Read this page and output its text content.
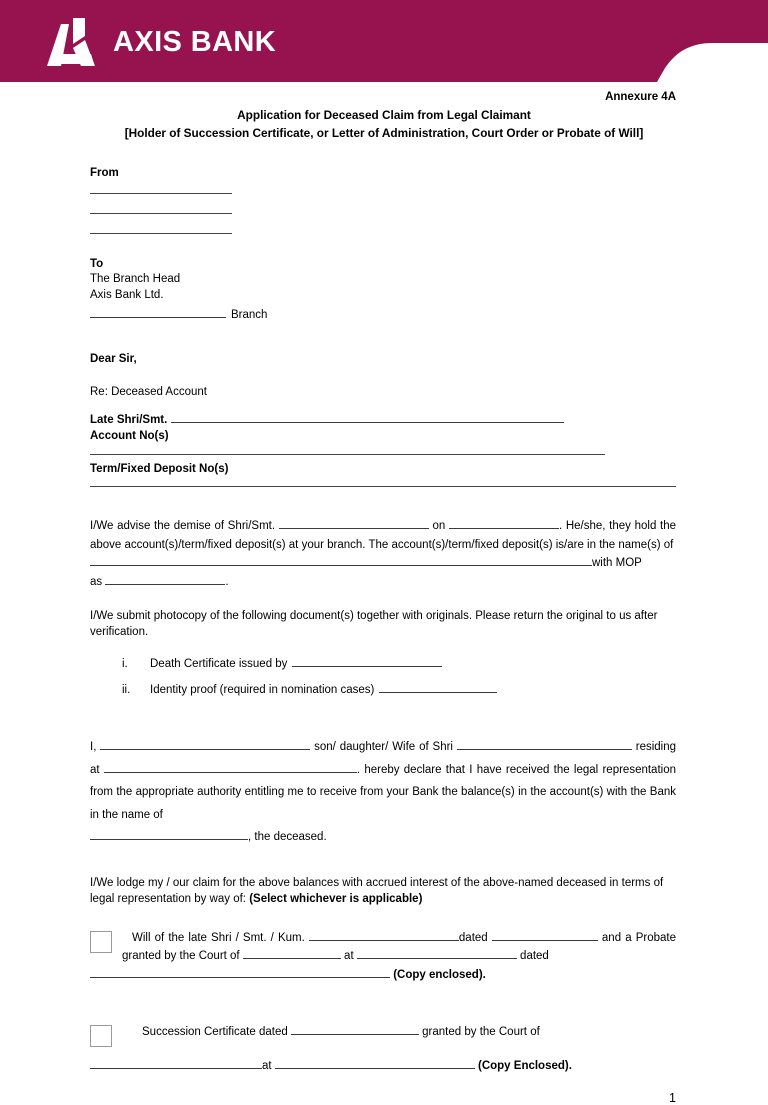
AXIS BANK
Annexure 4A
Application for Deceased Claim from Legal Claimant
[Holder of Succession Certificate, or Letter of Administration, Court Order or Probate of Will]
From
To
The Branch Head
Axis Bank Ltd.
Branch
Dear Sir,
Re: Deceased Account
Late Shri/Smt.
Account No(s)
Term/Fixed Deposit No(s)
I/We advise the demise of Shri/Smt.	on	. He/she, they hold the above account(s)/term/fixed deposit(s) at your branch. The account(s)/term/fixed deposit(s) is/are in the name(s) of
with MOP
as	.
I/We submit photocopy of the following document(s) together with originals. Please return the original to us after verification.
i.	Death Certificate issued by
ii.	Identity proof (required in nomination cases)
I,	son/ daughter/ Wife of Shri	residing at	. hereby declare that I have received the legal representation from the appropriate authority entitling me to receive from your Bank the balance(s) in the account(s) with the Bank in the name of
, the deceased.
I/We lodge my / our claim for the above balances with accrued interest of the above-named deceased in terms of legal representation by way of: (Select whichever is applicable)
Will of the late Shri / Smt. / Kum.	dated	and a Probate granted by the Court of	at	dated
(Copy enclosed).
Succession Certificate dated	granted by the Court of
at	(Copy Enclosed).
1
